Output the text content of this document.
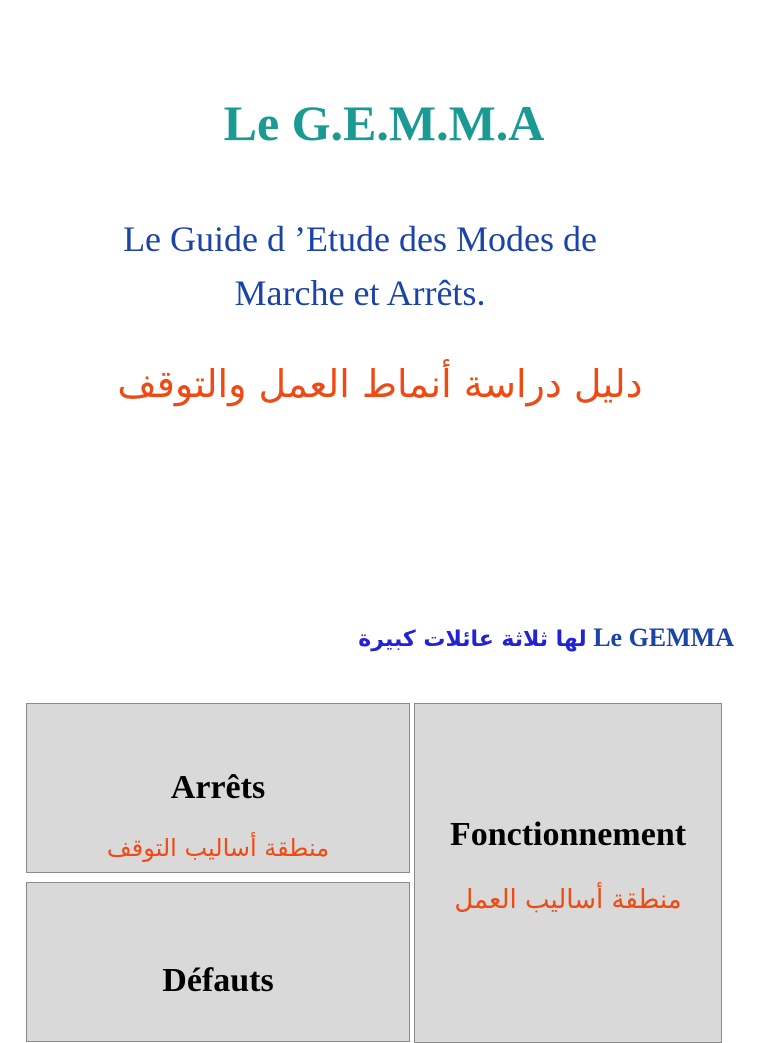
Le G.E.M.M.A
Le Guide d ’Etude des Modes de
Marche et Arrêts.
دليل دراسة أنماط العمل والتوقف
لها ثلاثة عائلات كبيرة Le GEMMA
Arrêts
منطقة أساليب التوقف
Défauts
Fonctionnement
منطقة أساليب العمل
